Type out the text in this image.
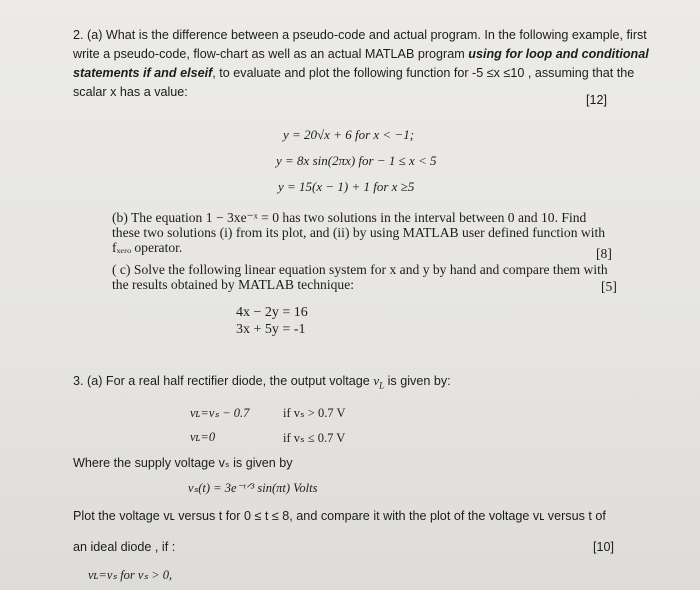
2. (a) What is the difference between a pseudo-code and actual program. In the following example, first
write a pseudo-code, flow-chart as well as an actual MATLAB program using for loop and conditional
statements if and elseif, to evaluate and plot the following function for -5 ≤x ≤10 , assuming that the
scalar x has a value:
[12]
y = 20√x + 6 for x < −1;
y = 8x sin(2πx) for − 1 ≤ x < 5
y = 15(x − 1) + 1 for x ≥5
(b) The equation 1 − 3xe⁻ˣ = 0 has two solutions in the interval between 0 and 10. Find
these two solutions (i) from its plot, and (ii) by using MATLAB user defined function with
fₓₑᵣₒ operator.	[8]
( c) Solve the following linear equation system for x and y by hand and compare them with
the results obtained by MATLAB technique:	[5]
4x − 2y = 16
3x + 5y = -1
3. (a) For a real half rectifier diode, the output voltage $v_L$ is given by:
vʟ=vₛ − 0.7	if vₛ > 0.7 V
vʟ=0	if vₛ ≤ 0.7 V
Where the supply voltage vₛ is given by
vₛ(t) = 3e⁻ᵗᐟ³ sin(πt) Volts
Plot the voltage vʟ versus t for 0 ≤ t ≤ 8, and compare it with the plot of the voltage vʟ versus t of
an ideal diode , if :	[10]
vʟ=vₛ for vₛ > 0,
